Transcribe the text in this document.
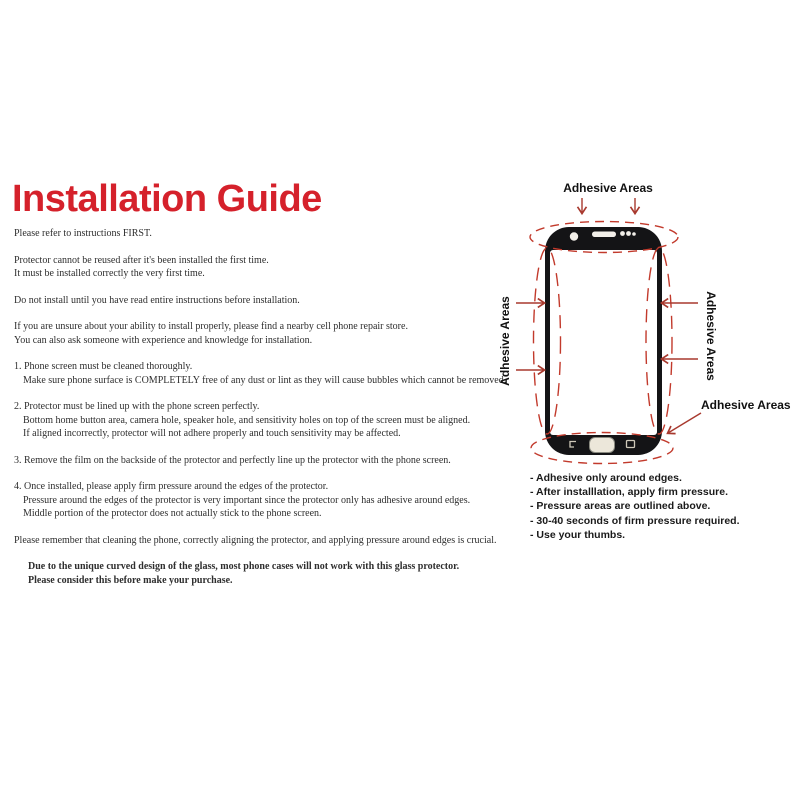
Installation Guide
Please refer to instructions FIRST.
Protector cannot be reused after it's been installed the first time.
It must be installed correctly the very first time.
Do not install until you have read entire instructions before installation.
If you are unsure about your ability to install properly, please find a nearby cell phone repair store.
You can also ask someone with experience and knowledge for installation.
1. Phone screen must be cleaned thoroughly.
Make sure phone surface is COMPLETELY free of any dust or lint as they will cause bubbles which cannot be removed.
2. Protector must be lined up with the phone screen perfectly.
Bottom home button area, camera hole, speaker hole, and sensitivity holes on top of the screen must be aligned.
If aligned incorrectly, protector will not adhere properly and touch sensitivity may be affected.
3. Remove the film on the backside of the protector and perfectly line up the protector with the phone screen.
4. Once installed, please apply firm pressure around the edges of the protector.
Pressure around the edges of the protector is very important since the protector only has adhesive around edges.
Middle portion of the protector does not actually stick to the phone screen.
Please remember that cleaning the phone, correctly aligning the protector, and applying pressure around edges is crucial.
Due to the unique curved design of the glass, most phone cases will not work with this glass protector.
Please consider this before make your purchase.
Adhesive Areas
Adhesive Areas	Adhesive Areas
Adhesive Areas
- Adhesive only around edges.
- After installlation, apply firm pressure.
- Pressure areas are outlined above.
- 30-40 seconds of firm pressure required.
- Use your thumbs.
